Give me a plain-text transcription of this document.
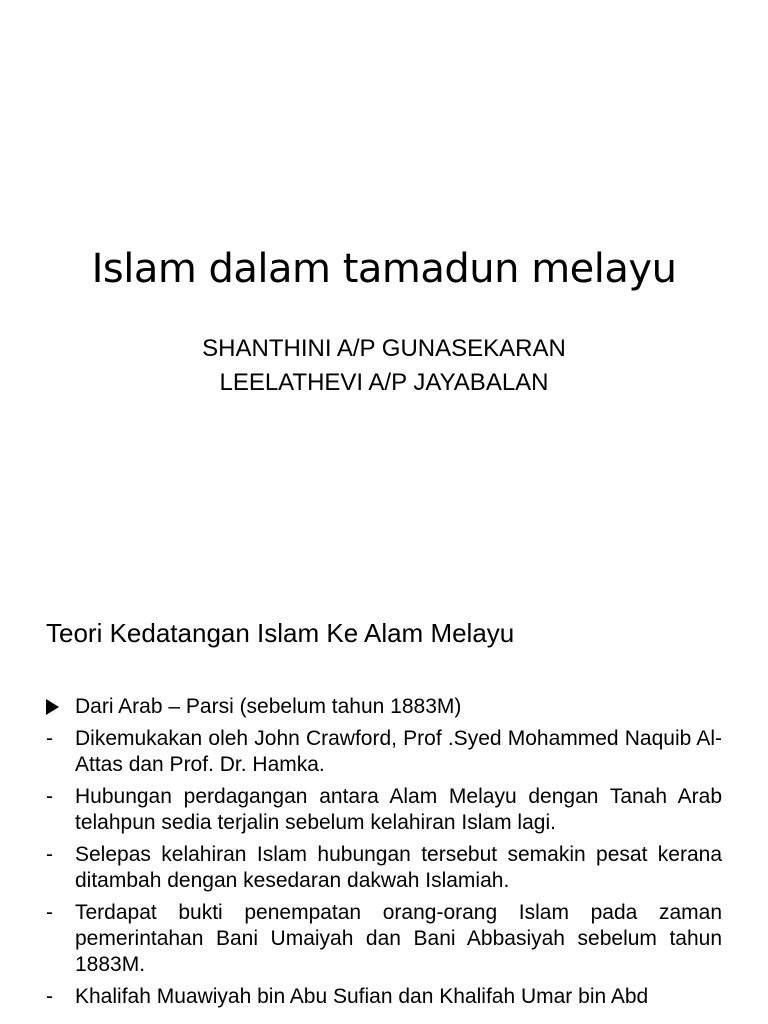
Islam dalam tamadun melayu
SHANTHINI A/P GUNASEKARAN
LEELATHEVI A/P JAYABALAN
Teori Kedatangan Islam Ke Alam Melayu
Dari Arab – Parsi (sebelum tahun 1883M)
-	Dikemukakan oleh John Crawford, Prof .Syed Mohammed Naquib Al-Attas dan Prof. Dr. Hamka.
-	Hubungan perdagangan antara Alam Melayu dengan Tanah Arab telahpun sedia terjalin sebelum kelahiran Islam lagi.
-	Selepas kelahiran Islam hubungan tersebut semakin pesat kerana ditambah dengan kesedaran dakwah Islamiah.
-	Terdapat bukti penempatan orang-orang Islam pada zaman pemerintahan Bani Umaiyah dan Bani Abbasiyah sebelum tahun 1883M.
-	Khalifah Muawiyah bin Abu Sufian dan Khalifah Umar bin Abd
